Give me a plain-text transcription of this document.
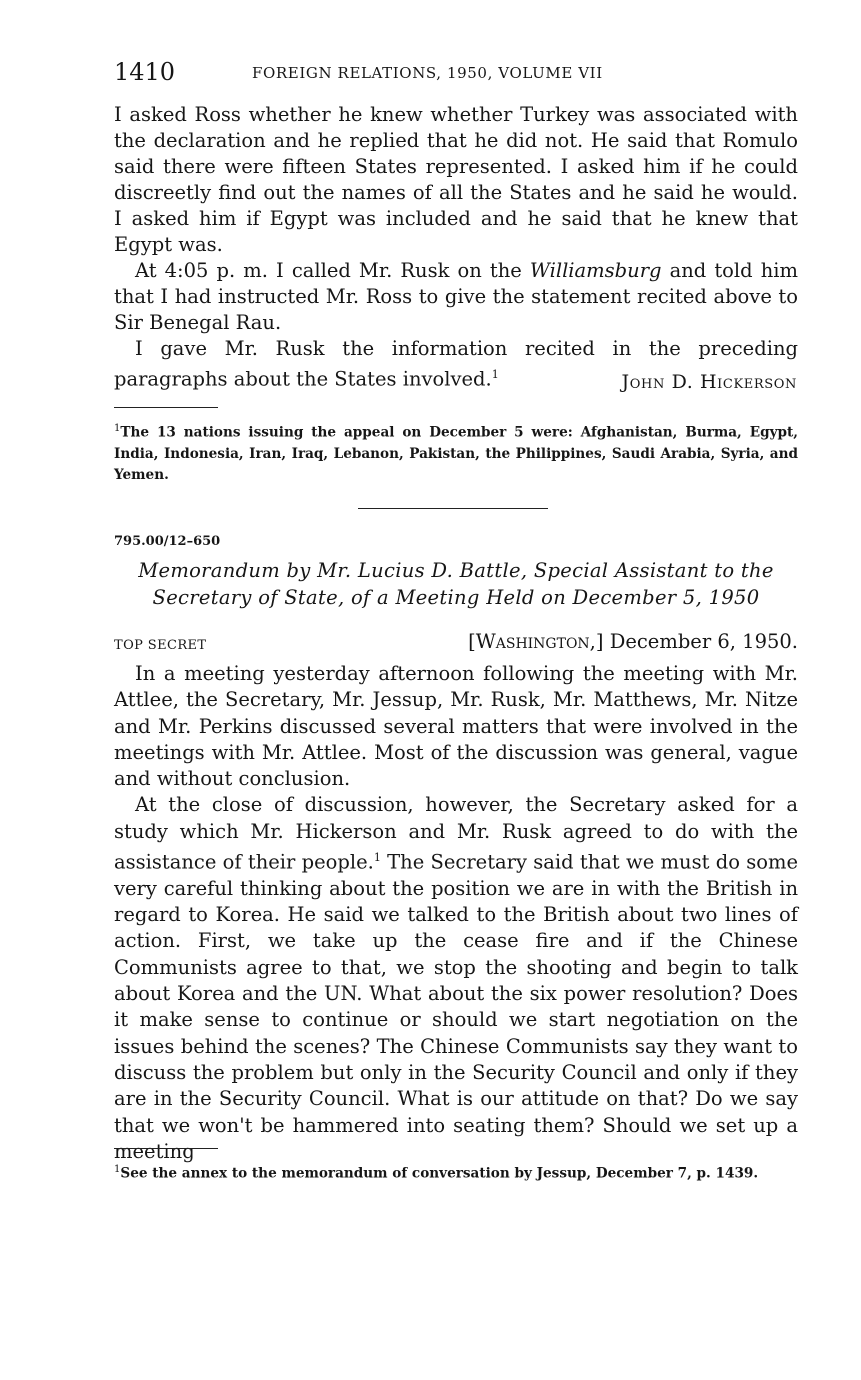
1410	FOREIGN RELATIONS, 1950, VOLUME VII

I asked Ross whether he knew whether Turkey was associated with the declaration and he replied that he did not. He said that Romulo said there were fifteen States represented. I asked him if he could discreetly find out the names of all the States and he said he would. I asked him if Egypt was included and he said that he knew that Egypt was.

At 4:05 p. m. I called Mr. Rusk on the Williamsburg and told him that I had instructed Mr. Ross to give the statement recited above to Sir Benegal Rau.

I gave Mr. Rusk the information recited in the preceding paragraphs about the States involved.$^1$	John D. Hickerson
$^1$The 13 nations issuing the appeal on December 5 were: Afghanistan, Burma, Egypt, India, Indonesia, Iran, Iraq, Lebanon, Pakistan, the Philippines, Saudi Arabia, Syria, and Yemen.
795.00/12–650
Memorandum by Mr. Lucius D. Battle, Special Assistant to the
Secretary of State, of a Meeting Held on December 5, 1950
TOP SECRET	[Washington,] December 6, 1950.

In a meeting yesterday afternoon following the meeting with Mr. Attlee, the Secretary, Mr. Jessup, Mr. Rusk, Mr. Matthews, Mr. Nitze and Mr. Perkins discussed several matters that were involved in the meetings with Mr. Attlee. Most of the discussion was general, vague and without conclusion.

At the close of discussion, however, the Secretary asked for a study which Mr. Hickerson and Mr. Rusk agreed to do with the assistance of their people.$^1$ The Secretary said that we must do some very careful thinking about the position we are in with the British in regard to Korea. He said we talked to the British about two lines of action. First, we take up the cease fire and if the Chinese Communists agree to that, we stop the shooting and begin to talk about Korea and the UN. What about the six power resolution? Does it make sense to continue or should we start negotiation on the issues behind the scenes? The Chinese Communists say they want to discuss the problem but only in the Security Council and only if they are in the Security Council. What is our attitude on that? Do we say that we won't be hammered into seating them? Should we set up a meeting

$^1$See the annex to the memorandum of conversation by Jessup, December 7, p. 1439.
